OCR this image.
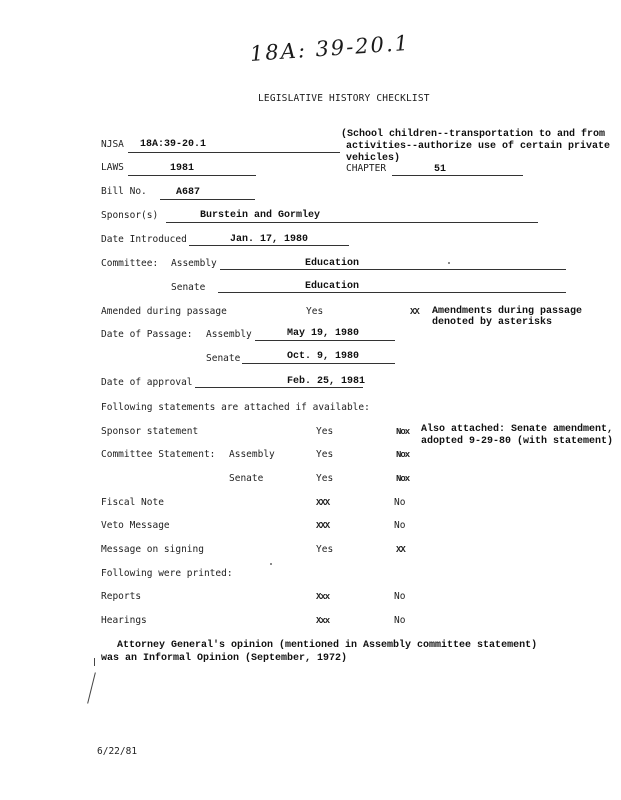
18A: 39-20.1
LEGISLATIVE HISTORY CHECKLIST
NJSA 18A:39-20.1
(School children--transportation to and from
activities--authorize use of certain private
vehicles)
LAWS	1981	CHAPTER	51
Bill No.	A687
Sponsor(s)	Burstein and Gormley
Date Introduced	Jan. 17, 1980
Committee: Assembly	Education
Senate	Education
Amended during passage	Yes	XX Amendments during passage
denoted by asterisks
Date of Passage: Assembly	May 19, 1980
Senate	Oct. 9, 1980
Date of approval	Feb. 25, 1981
Following statements are attached if available:
Sponsor statement	Yes	Nox Also attached: Senate amendment,
adopted 9-29-80 (with statement)
Committee Statement: Assembly	Yes	Nox
Senate	Yes	Nox
Fiscal Note	XXX	No
Veto Message	XXX	No
Message on signing	Yes	XX
Following were printed:
Reports	Xxx	No
Hearings	Xxx	No
Attorney General's opinion (mentioned in Assembly committee statement)
was an Informal Opinion (September, 1972)
6/22/81
